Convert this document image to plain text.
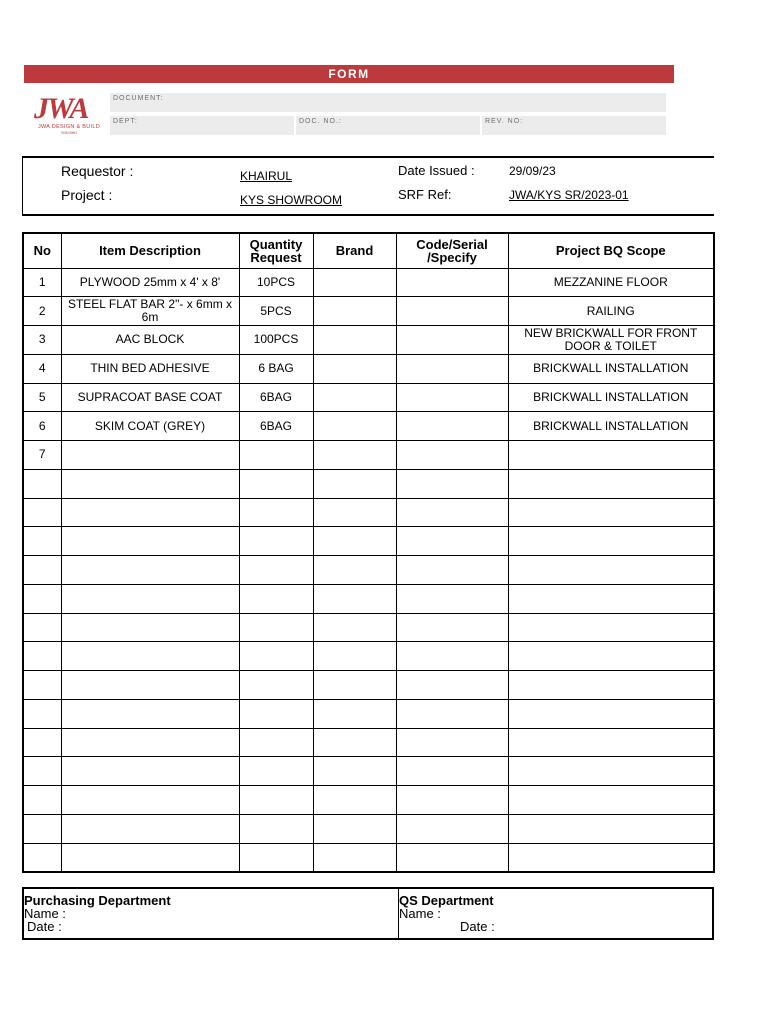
FORM
JWA
JWA DESIGN & BUILD
SDN BHD
DOCUMENT:
DEPT:	DOC. NO.:	REV. NO:
Requestor :	KHAIRUL
Project :	KYS SHOWROOM
Date Issued :	29/09/23
SRF Ref:	JWA/KYS SR/2023-01
No	Item Description	Quantity Request	Brand	Code/Serial /Specify	Project BQ Scope
1	PLYWOOD 25mm x 4' x 8'	10PCS			MEZZANINE FLOOR
2	STEEL FLAT BAR 2"- x 6mm x 6m	5PCS			RAILING
3	AAC BLOCK	100PCS			NEW BRICKWALL FOR FRONT DOOR & TOILET
4	THIN BED ADHESIVE	6 BAG			BRICKWALL INSTALLATION
5	SUPRACOAT BASE COAT	6BAG			BRICKWALL INSTALLATION
6	SKIM COAT (GREY)	6BAG			BRICKWALL INSTALLATION
7					

Purchasing Department
Name :
Date :
QS Department
Name :
Date :
